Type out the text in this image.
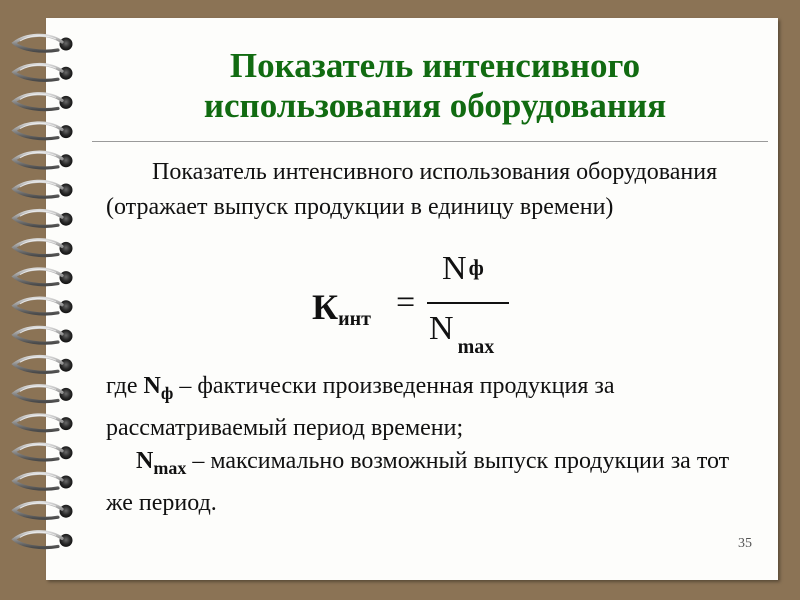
Показатель интенсивного
использования оборудования
Показатель интенсивного использования оборудования (отражает выпуск продукции в единицу времени)
$К_{инт}$ =
$N_ф$
N $_{max}$
где $N_ф$ – фактически произведенная продукция за рассматриваемый период времени;
$N_{max}$ – максимально возможный выпуск продукции за тот же период.
35
